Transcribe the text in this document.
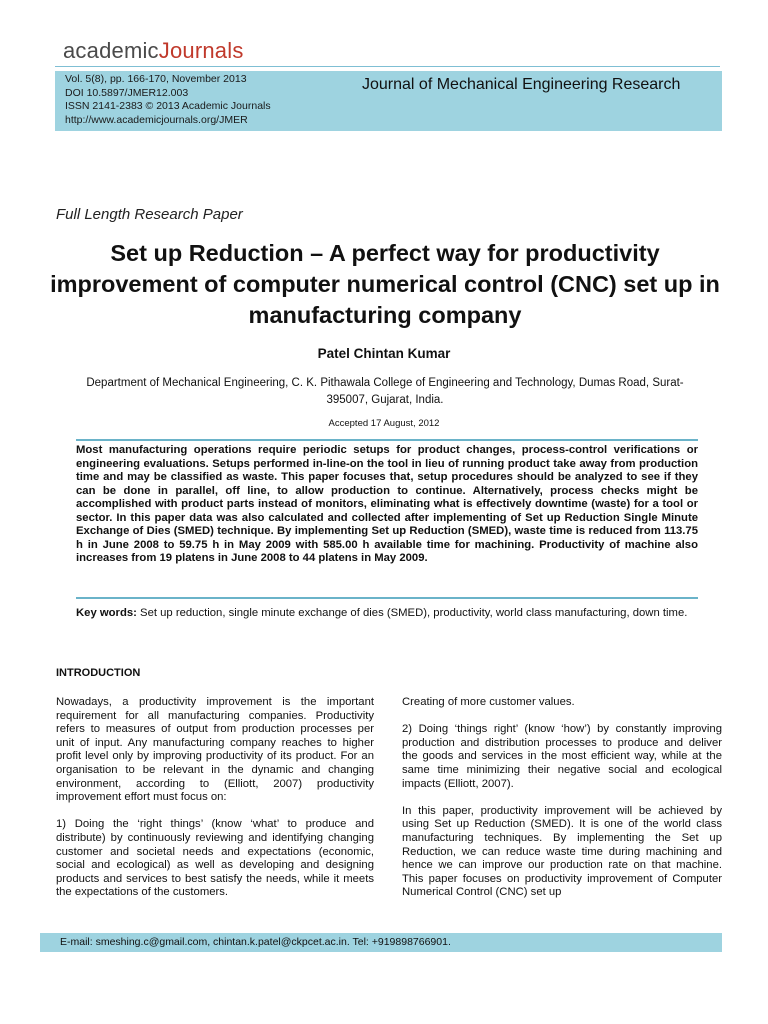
academicJournals
Vol. 5(8), pp. 166-170, November 2013
DOI 10.5897/JMER12.003
ISSN 2141-2383 © 2013 Academic Journals
http://www.academicjournals.org/JMER
Journal of Mechanical Engineering Research
Full Length Research Paper
Set up Reduction – A perfect way for productivity improvement of computer numerical control (CNC) set up in manufacturing company
Patel Chintan Kumar
Department of Mechanical Engineering, C. K. Pithawala College of Engineering and Technology, Dumas Road, Surat-395007, Gujarat, India.
Accepted 17 August, 2012
Most manufacturing operations require periodic setups for product changes, process-control verifications or engineering evaluations. Setups performed in-line-on the tool in lieu of running product take away from production time and may be classified as waste. This paper focuses that, setup procedures should be analyzed to see if they can be done in parallel, off line, to allow production to continue. Alternatively, process checks might be accomplished with product parts instead of monitors, eliminating what is effectively downtime (waste) for a tool or sector. In this paper data was also calculated and collected after implementing of Set up Reduction Single Minute Exchange of Dies (SMED) technique. By implementing Set up Reduction (SMED), waste time is reduced from 113.75 h in June 2008 to 59.75 h in May 2009 with 585.00 h available time for machining. Productivity of machine also increases from 19 platens in June 2008 to 44 platens in May 2009.
Key words: Set up reduction, single minute exchange of dies (SMED), productivity, world class manufacturing, down time.
INTRODUCTION

Nowadays, a productivity improvement is the important requirement for all manufacturing companies. Productivity refers to measures of output from production processes per unit of input. Any manufacturing company reaches to higher profit level only by improving productivity of its product. For an organisation to be relevant in the dynamic and changing environment, according to (Elliott, 2007) productivity improvement effort must focus on:

1) Doing the ‘right things’ (know ‘what’ to produce and distribute) by continuously reviewing and identifying changing customer and societal needs and expectations (economic, social and ecological) as well as developing and designing products and services to best satisfy the needs, while it meets the expectations of the customers.

Creating of more customer values.

2) Doing ‘things right’ (know ‘how’) by constantly improving production and distribution processes to produce and deliver the goods and services in the most efficient way, while at the same time minimizing their negative social and ecological impacts (Elliott, 2007).

In this paper, productivity improvement will be achieved by using Set up Reduction (SMED). It is one of the world class manufacturing techniques. By implementing the Set up Reduction, we can reduce waste time during machining and hence we can improve our production rate on that machine. This paper focuses on productivity improvement of Computer Numerical Control (CNC) set up

E-mail: smeshing.c@gmail.com, chintan.k.patel@ckpcet.ac.in. Tel: +919898766901.
